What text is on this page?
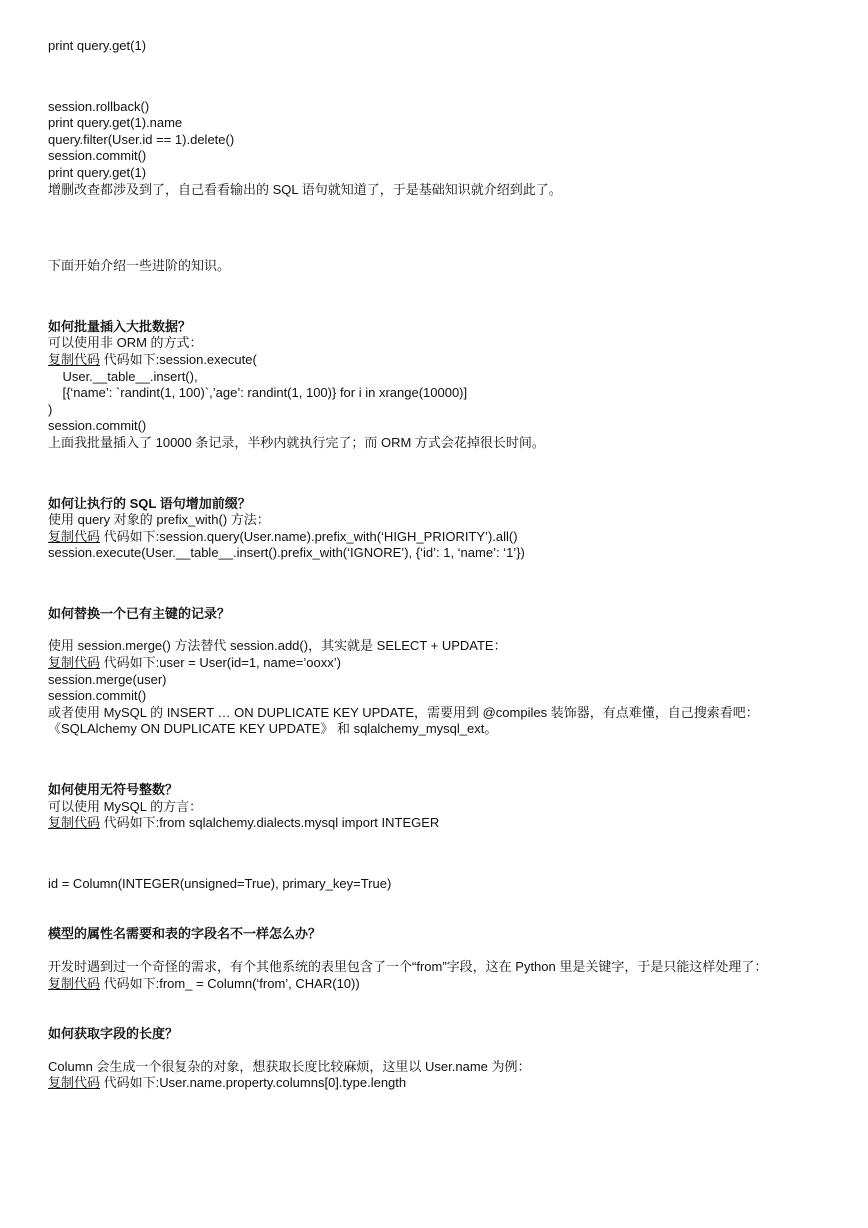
print query.get(1)

session.rollback()

print query.get(1).name

query.filter(User.id == 1).delete()

session.commit()

print query.get(1)

增删改查都涉及到了，自己看看输出的 SQL 语句就知道了，于是基础知识就介绍到此了。

下面开始介绍一些进阶的知识。

如何批量插入大批数据？

可以使用非 ORM 的方式：

复制代码 代码如下:session.execute(

User.__table__.insert(),

[{‘name’: `randint(1, 100)`,’age’: randint(1, 100)} for i in xrange(10000)]

)

session.commit()

上面我批量插入了 10000 条记录，半秒内就执行完了；而 ORM 方式会花掉很长时间。

如何让执行的 SQL 语句增加前缀？

使用 query 对象的 prefix_with() 方法：

复制代码 代码如下:session.query(User.name).prefix_with(‘HIGH_PRIORITY’).all()

session.execute(User.__table__.insert().prefix_with(‘IGNORE’), {‘id’: 1, ‘name’: ‘1’})

如何替换一个已有主键的记录？

使用 session.merge() 方法替代 session.add()，其实就是 SELECT + UPDATE：

复制代码 代码如下:user = User(id=1, name=’ooxx’)

session.merge(user)

session.commit()

或者使用 MySQL 的 INSERT … ON DUPLICATE KEY UPDATE，需要用到 @compiles 装饰器，有点难懂，自己搜索看吧：

《SQLAlchemy ON DUPLICATE KEY UPDATE》 和 sqlalchemy_mysql_ext。

如何使用无符号整数？

可以使用 MySQL 的方言：

复制代码 代码如下:from sqlalchemy.dialects.mysql import INTEGER

id = Column(INTEGER(unsigned=True), primary_key=True)

模型的属性名需要和表的字段名不一样怎么办？

开发时遇到过一个奇怪的需求，有个其他系统的表里包含了一个“from”字段，这在 Python 里是关键字，于是只能这样处理了：

复制代码 代码如下:from_ = Column(‘from’, CHAR(10))

如何获取字段的长度？

Column 会生成一个很复杂的对象，想获取长度比较麻烦，这里以 User.name 为例：

复制代码 代码如下:User.name.property.columns[0].type.length
